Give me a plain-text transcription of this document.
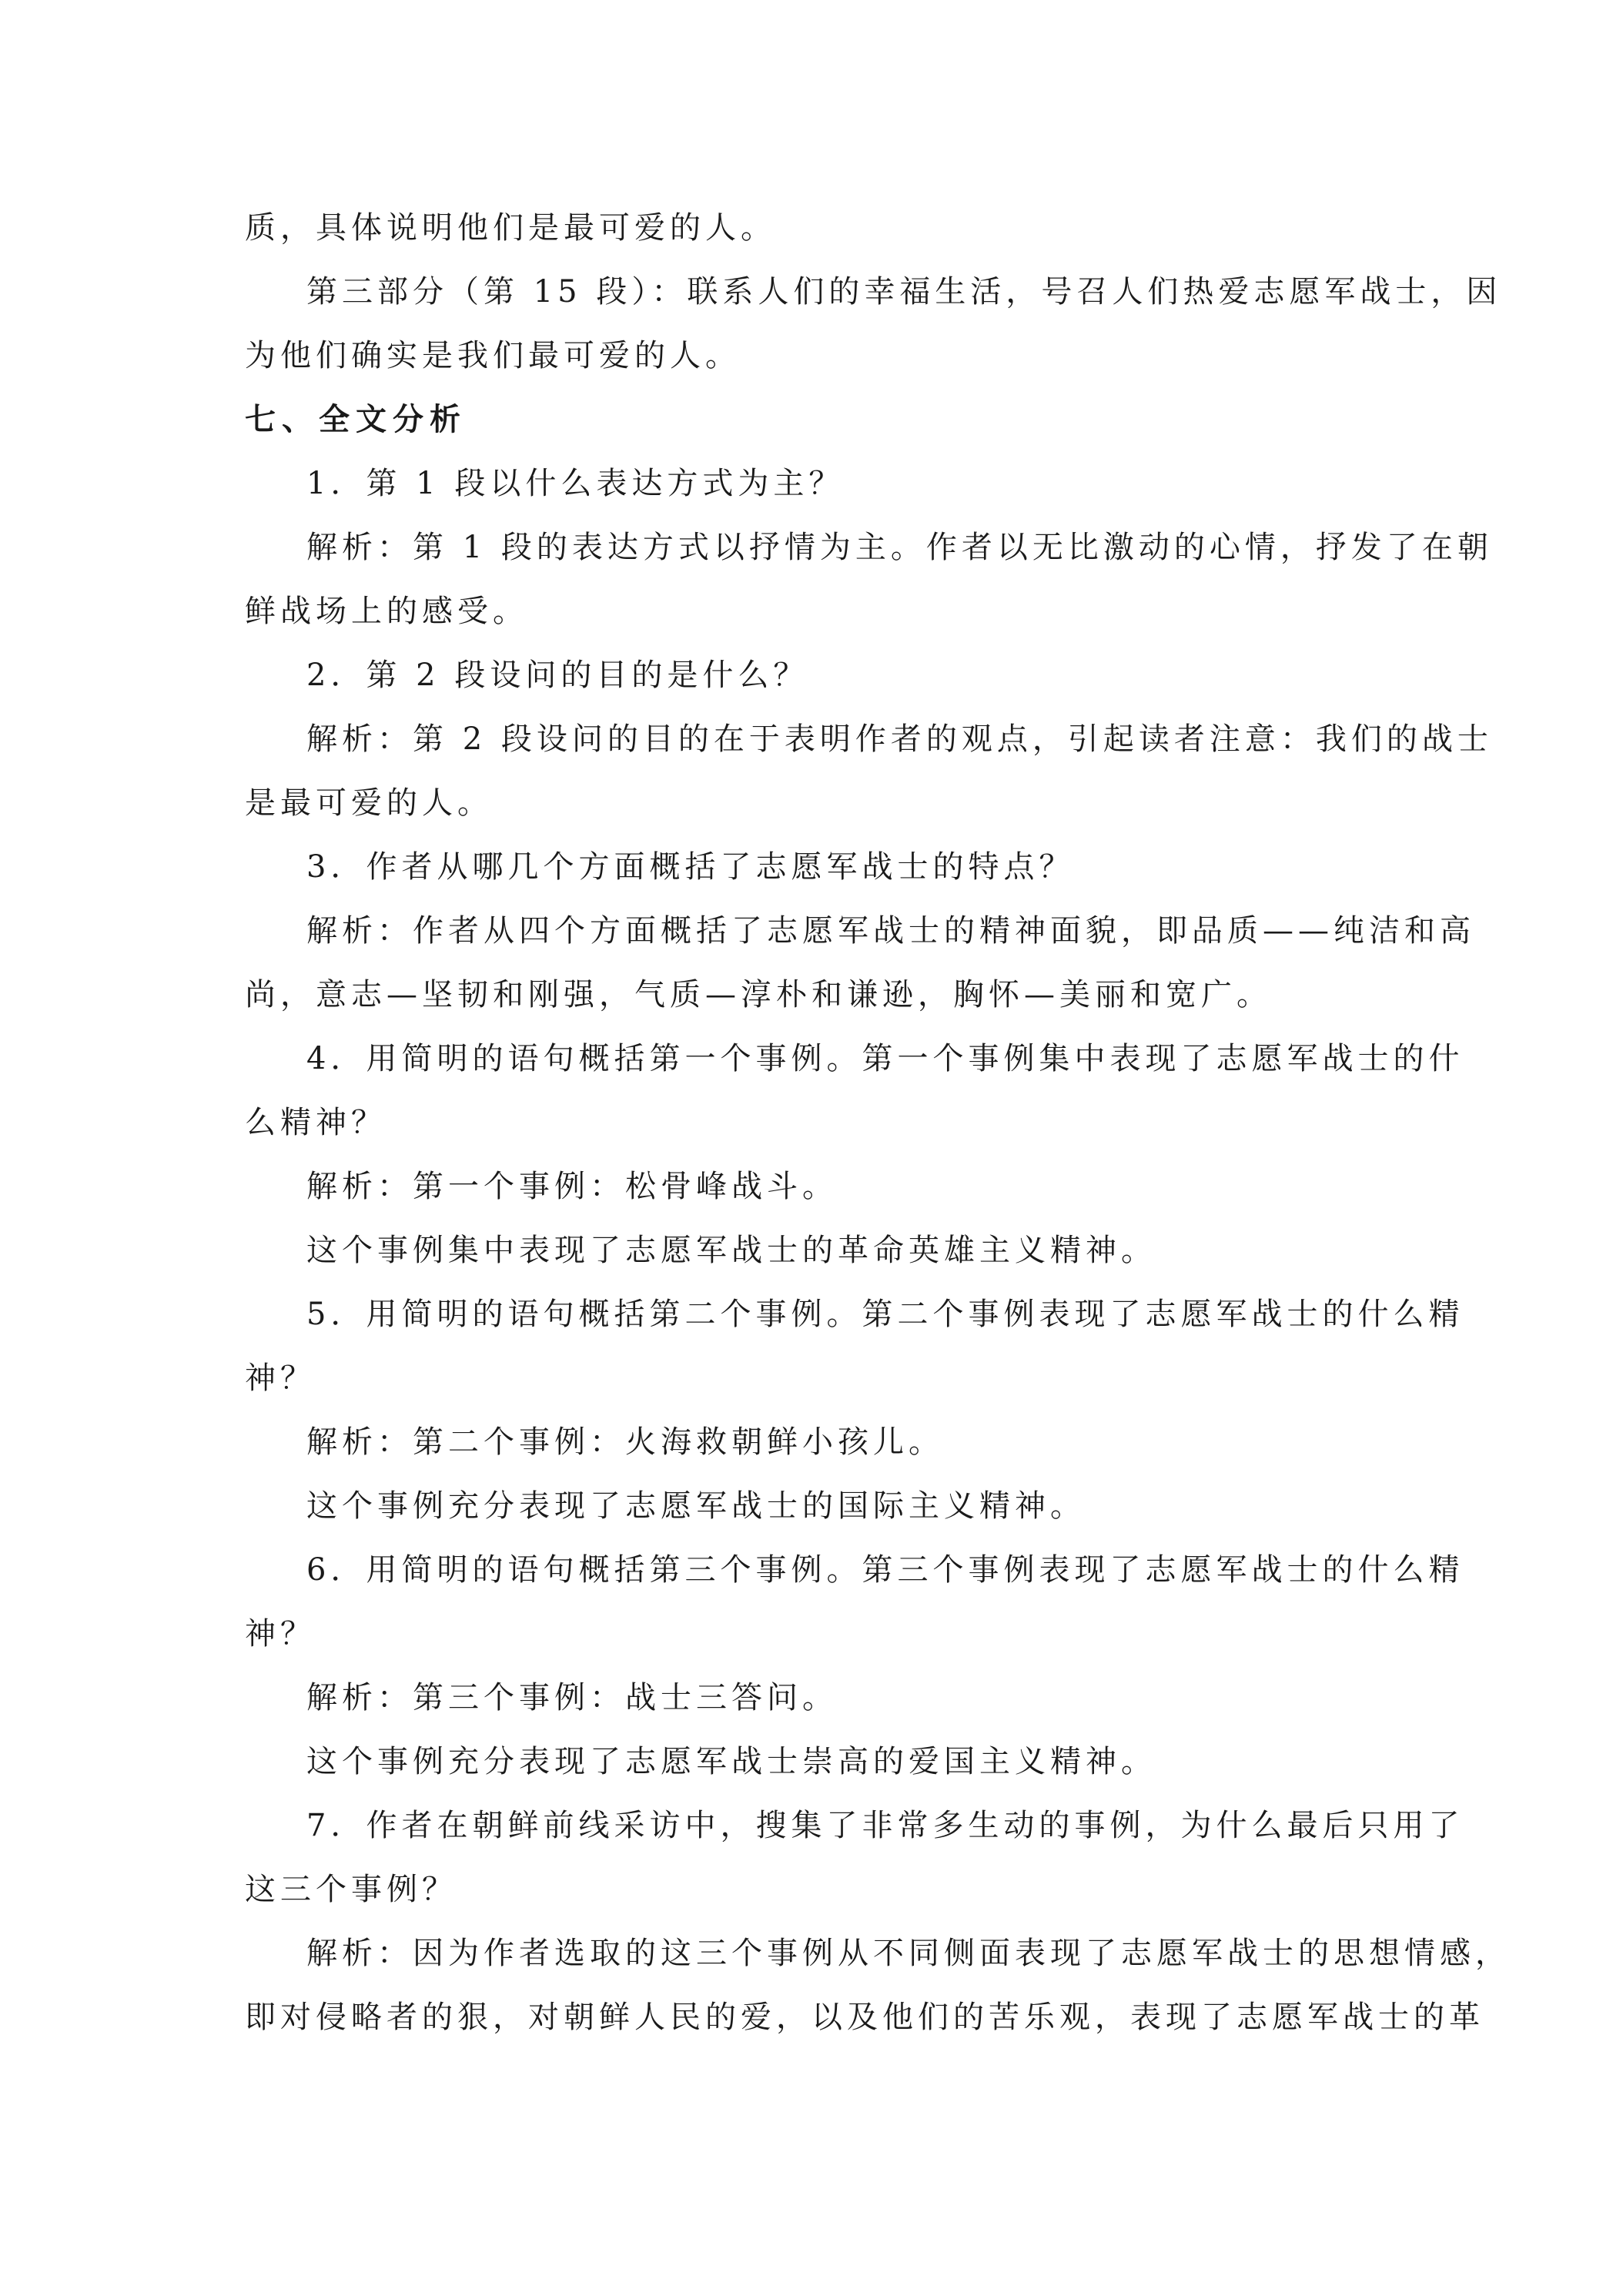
质，具体说明他们是最可爱的人。
第三部分（第 15 段）：联系人们的幸福生活，号召人们热爱志愿军战士，因
为他们确实是我们最可爱的人。
七、全文分析
1．第 1 段以什么表达方式为主？
解析：第 1 段的表达方式以抒情为主。作者以无比激动的心情，抒发了在朝
鲜战场上的感受。
2．第 2 段设问的目的是什么？
解析：第 2 段设问的目的在于表明作者的观点，引起读者注意：我们的战士
是最可爱的人。
3．作者从哪几个方面概括了志愿军战士的特点？
解析：作者从四个方面概括了志愿军战士的精神面貌，即品质——纯洁和高
尚，意志—坚韧和刚强，气质—淳朴和谦逊，胸怀—美丽和宽广。
4．用简明的语句概括第一个事例。第一个事例集中表现了志愿军战士的什
么精神？
解析：第一个事例：松骨峰战斗。
这个事例集中表现了志愿军战士的革命英雄主义精神。
5．用简明的语句概括第二个事例。第二个事例表现了志愿军战士的什么精
神？
解析：第二个事例：火海救朝鲜小孩儿。
这个事例充分表现了志愿军战士的国际主义精神。
6．用简明的语句概括第三个事例。第三个事例表现了志愿军战士的什么精
神？
解析：第三个事例：战士三答问。
这个事例充分表现了志愿军战士崇高的爱国主义精神。
7．作者在朝鲜前线采访中，搜集了非常多生动的事例，为什么最后只用了
这三个事例？
解析：因为作者选取的这三个事例从不同侧面表现了志愿军战士的思想情感，
即对侵略者的狠，对朝鲜人民的爱，以及他们的苦乐观，表现了志愿军战士的革
